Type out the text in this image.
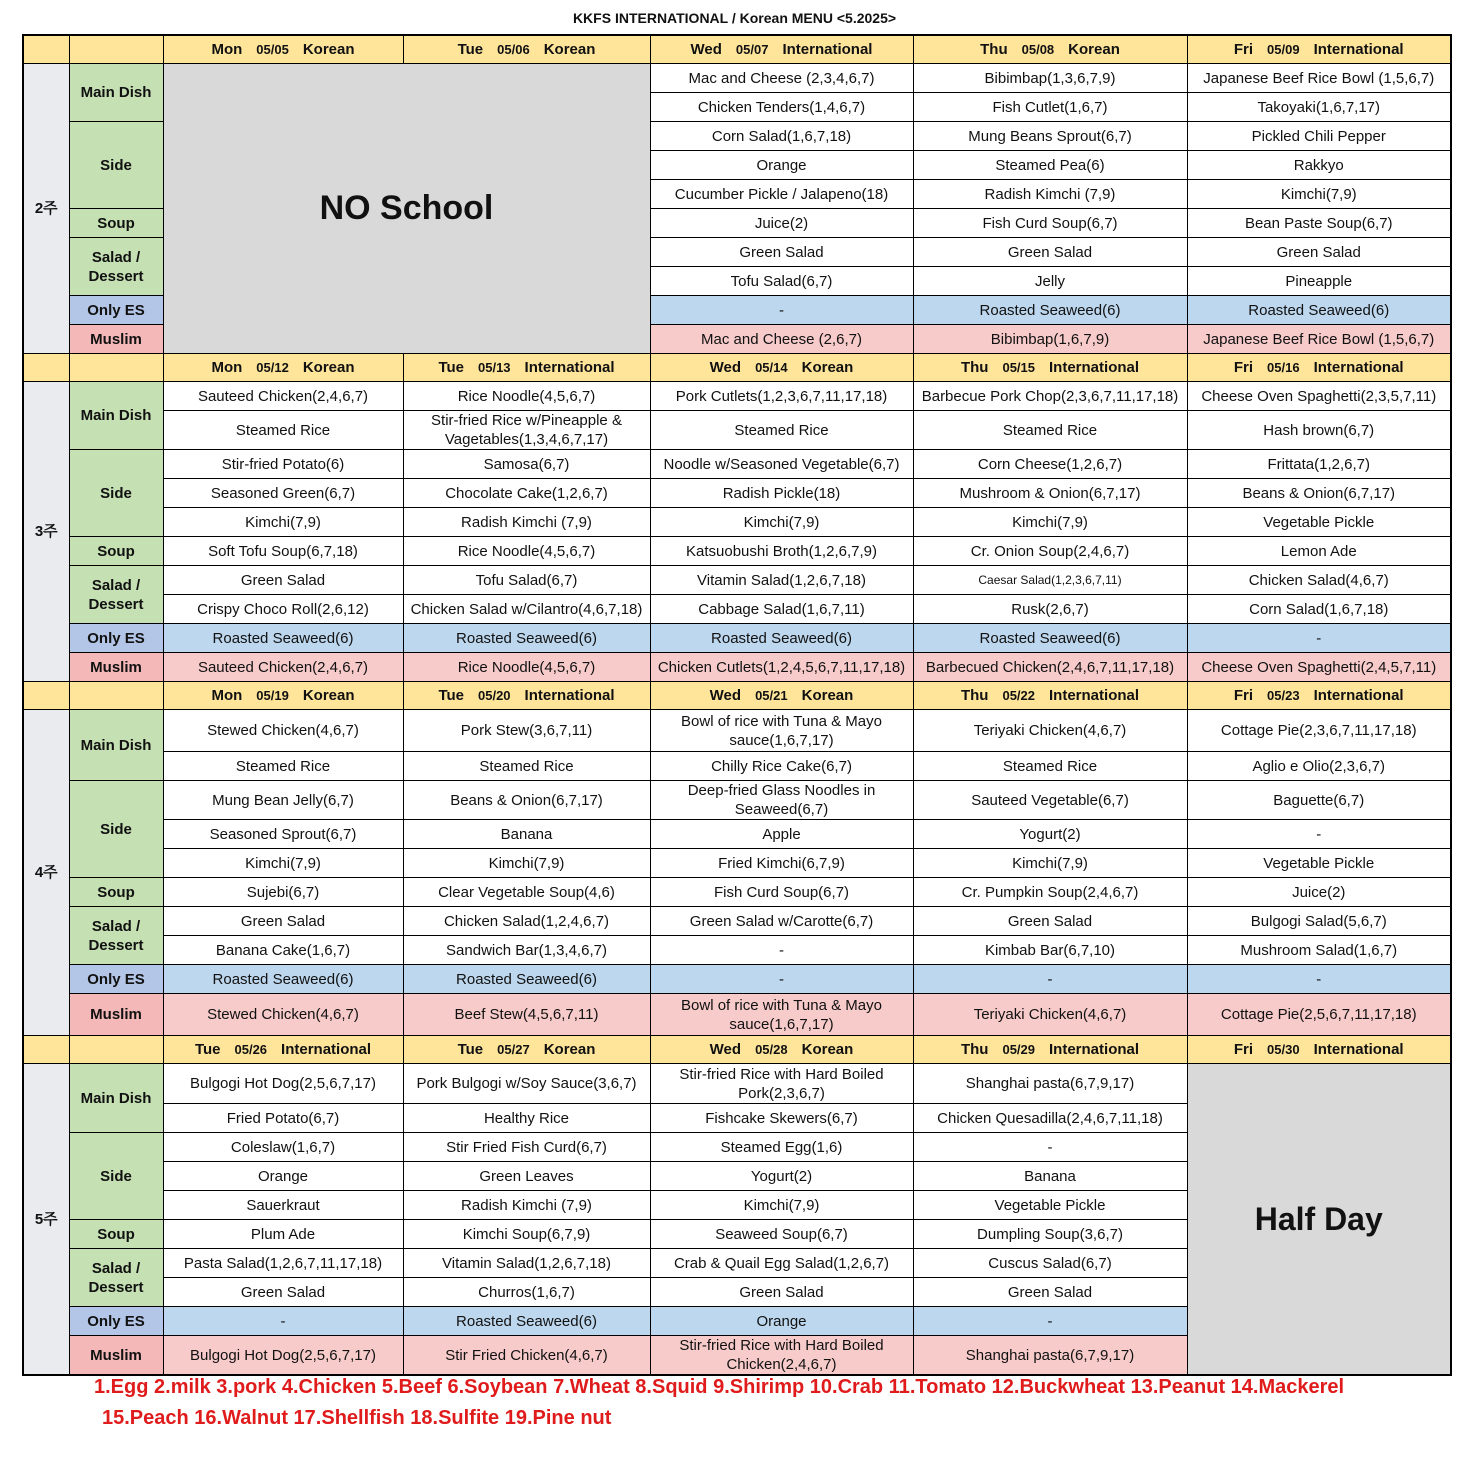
KKFS INTERNATIONAL / Korean MENU <5.2025>
		Mon 05/05 Korean	Tue 05/06 Korean	Wed 05/07 International	Thu 05/08 Korean	Fri 05/09 International
2주	Main Dish	NO School		Mac and Cheese (2,3,4,6,7)	Bibimbap(1,3,6,7,9)	Japanese Beef Rice Bowl (1,5,6,7)
				Chicken Tenders(1,4,6,7)	Fish Cutlet(1,6,7)	Takoyaki(1,6,7,17)
	Side			Corn Salad(1,6,7,18)	Mung Beans Sprout(6,7)	Pickled Chili Pepper
				Orange	Steamed Pea(6)	Rakkyo
				Cucumber Pickle / Jalapeno(18)	Radish Kimchi (7,9)	Kimchi(7,9)
	Soup			Juice(2)	Fish Curd Soup(6,7)	Bean Paste Soup(6,7)
	Salad / Dessert			Green Salad	Green Salad	Green Salad
				Tofu Salad(6,7)	Jelly	Pineapple
	Only ES			-	Roasted Seaweed(6)	Roasted Seaweed(6)
	Muslim			Mac and Cheese (2,6,7)	Bibimbap(1,6,7,9)	Japanese Beef Rice Bowl (1,5,6,7)
		Mon 05/12 Korean	Tue 05/13 International	Wed 05/14 Korean	Thu 05/15 International	Fri 05/16 International
3주	Main Dish	Sauteed Chicken(2,4,6,7)	Rice Noodle(4,5,6,7)	Pork Cutlets(1,2,3,6,7,11,17,18)	Barbecue Pork Chop(2,3,6,7,11,17,18)	Cheese Oven Spaghetti(2,3,5,7,11)
		Steamed Rice	Stir-fried Rice w/Pineapple & Vagetables(1,3,4,6,7,17)	Steamed Rice	Steamed Rice	Hash brown(6,7)
	Side	Stir-fried Potato(6)	Samosa(6,7)	Noodle w/Seasoned Vegetable(6,7)	Corn Cheese(1,2,6,7)	Frittata(1,2,6,7)
		Seasoned Green(6,7)	Chocolate Cake(1,2,6,7)	Radish Pickle(18)	Mushroom & Onion(6,7,17)	Beans & Onion(6,7,17)
		Kimchi(7,9)	Radish Kimchi (7,9)	Kimchi(7,9)	Kimchi(7,9)	Vegetable Pickle
	Soup	Soft Tofu Soup(6,7,18)	Rice Noodle(4,5,6,7)	Katsuobushi Broth(1,2,6,7,9)	Cr. Onion Soup(2,4,6,7)	Lemon Ade
	Salad / Dessert	Green Salad	Tofu Salad(6,7)	Vitamin Salad(1,2,6,7,18)	Caesar Salad(1,2,3,6,7,11)	Chicken Salad(4,6,7)
		Crispy Choco Roll(2,6,12)	Chicken Salad w/Cilantro(4,6,7,18)	Cabbage Salad(1,6,7,11)	Rusk(2,6,7)	Corn Salad(1,6,7,18)
	Only ES	Roasted Seaweed(6)	Roasted Seaweed(6)	Roasted Seaweed(6)	Roasted Seaweed(6)	-
	Muslim	Sauteed Chicken(2,4,6,7)	Rice Noodle(4,5,6,7)	Chicken Cutlets(1,2,4,5,6,7,11,17,18)	Barbecued Chicken(2,4,6,7,11,17,18)	Cheese Oven Spaghetti(2,4,5,7,11)
		Mon 05/19 Korean	Tue 05/20 International	Wed 05/21 Korean	Thu 05/22 International	Fri 05/23 International
4주	Main Dish	Stewed Chicken(4,6,7)	Pork Stew(3,6,7,11)	Bowl of rice with Tuna & Mayo sauce(1,6,7,17)	Teriyaki Chicken(4,6,7)	Cottage Pie(2,3,6,7,11,17,18)
		Steamed Rice	Steamed Rice	Chilly Rice Cake(6,7)	Steamed Rice	Aglio e Olio(2,3,6,7)
	Side	Mung Bean Jelly(6,7)	Beans & Onion(6,7,17)	Deep-fried Glass Noodles in Seaweed(6,7)	Sauteed Vegetable(6,7)	Baguette(6,7)
		Seasoned Sprout(6,7)	Banana	Apple	Yogurt(2)	-
		Kimchi(7,9)	Kimchi(7,9)	Fried Kimchi(6,7,9)	Kimchi(7,9)	Vegetable Pickle
	Soup	Sujebi(6,7)	Clear Vegetable Soup(4,6)	Fish Curd Soup(6,7)	Cr. Pumpkin Soup(2,4,6,7)	Juice(2)
	Salad / Dessert	Green Salad	Chicken Salad(1,2,4,6,7)	Green Salad w/Carotte(6,7)	Green Salad	Bulgogi Salad(5,6,7)
		Banana Cake(1,6,7)	Sandwich Bar(1,3,4,6,7)	-	Kimbab Bar(6,7,10)	Mushroom Salad(1,6,7)
	Only ES	Roasted Seaweed(6)	Roasted Seaweed(6)	-	-	-
	Muslim	Stewed Chicken(4,6,7)	Beef Stew(4,5,6,7,11)	Bowl of rice with Tuna & Mayo sauce(1,6,7,17)	Teriyaki Chicken(4,6,7)	Cottage Pie(2,5,6,7,11,17,18)
		Tue 05/26 International	Tue 05/27 Korean	Wed 05/28 Korean	Thu 05/29 International	Fri 05/30 International
5주	Main Dish	Bulgogi Hot Dog(2,5,6,7,17)	Pork Bulgogi w/Soy Sauce(3,6,7)	Stir-fried Rice with Hard Boiled Pork(2,3,6,7)	Shanghai pasta(6,7,9,17)	Half Day
		Fried Potato(6,7)	Healthy Rice	Fishcake Skewers(6,7)	Chicken Quesadilla(2,4,6,7,11,18)	
	Side	Coleslaw(1,6,7)	Stir Fried Fish Curd(6,7)	Steamed Egg(1,6)	-	
		Orange	Green Leaves	Yogurt(2)	Banana	
		Sauerkraut	Radish Kimchi (7,9)	Kimchi(7,9)	Vegetable Pickle	
	Soup	Plum Ade	Kimchi Soup(6,7,9)	Seaweed Soup(6,7)	Dumpling Soup(3,6,7)	
	Salad / Dessert	Pasta Salad(1,2,6,7,11,17,18)	Vitamin Salad(1,2,6,7,18)	Crab & Quail Egg Salad(1,2,6,7)	Cuscus Salad(6,7)	
		Green Salad	Churros(1,6,7)	Green Salad	Green Salad	
	Only ES	-	Roasted Seaweed(6)	Orange	-	
	Muslim	Bulgogi Hot Dog(2,5,6,7,17)	Stir Fried Chicken(4,6,7)	Stir-fried Rice with Hard Boiled Chicken(2,4,6,7)	Shanghai pasta(6,7,9,17)	
1.Egg 2.milk 3.pork 4.Chicken 5.Beef 6.Soybean 7.Wheat 8.Squid 9.Shirimp 10.Crab 11.Tomato 12.Buckwheat 13.Peanut 14.Mackerel
15.Peach 16.Walnut 17.Shellfish 18.Sulfite 19.Pine nut
